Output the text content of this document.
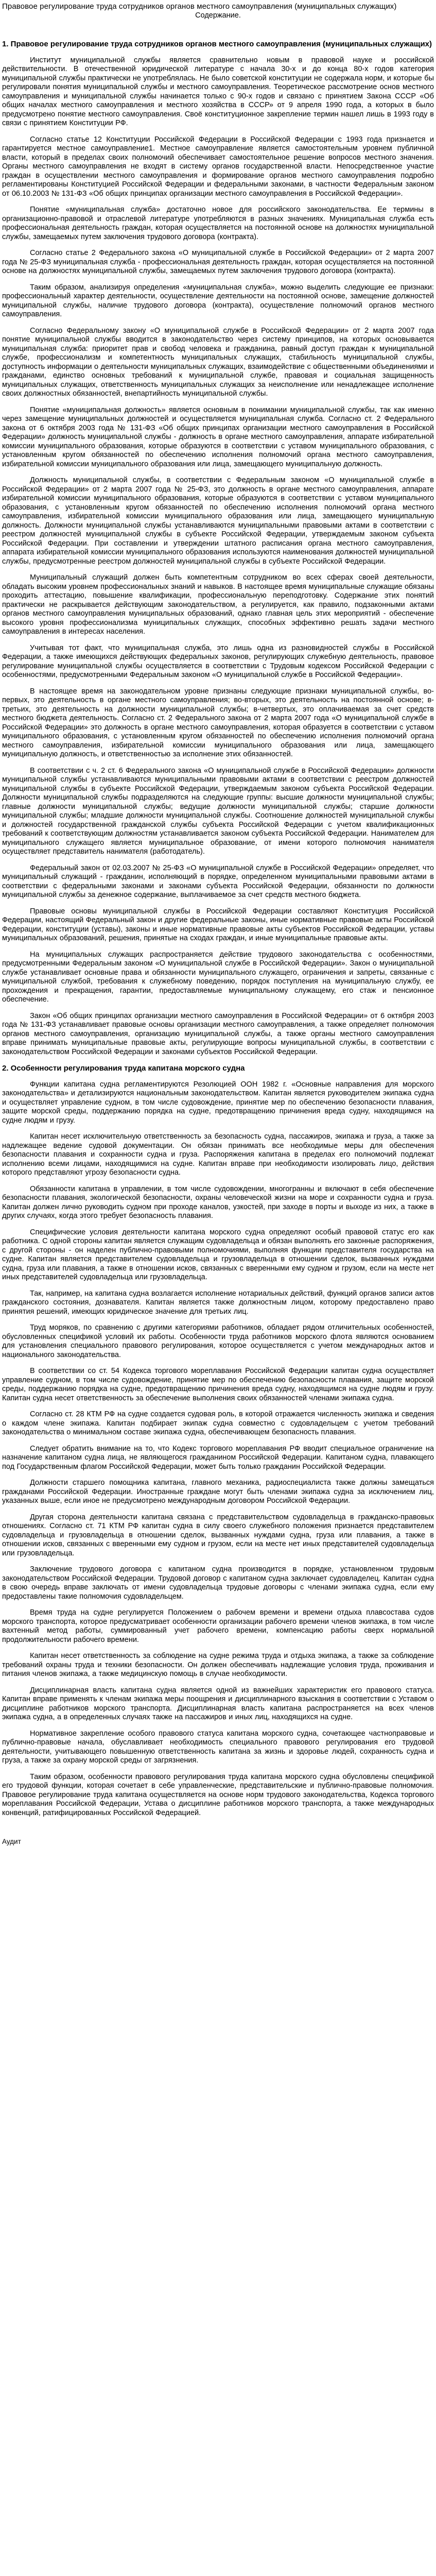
Правовое регулирование труда сотрудников органов местного самоуправления (муниципальных служащих)
Содержание.
1. Правовое регулирование труда сотрудников органов местного самоуправления (муниципальных служащих)

Институт муниципальной службы является сравнительно новым в правовой науке и российской действительности. В отечественной юридической литературе с начала 30-х и до конца 80-х годов категория муниципальной службы практически не употреблялась. Не было советской конституции не содержала норм, и которые бы регулировали понятия муниципальной службы и местного самоуправления. Теоретическое рассмотрение основ местного самоуправления и муниципальной службы начинается только с 90-х годов и связано с принятием Закона СССР «Об общих началах местного самоуправления и местного хозяйства в СССР» от 9 апреля 1990 года, а которых в было предусмотрено понятие местного самоуправления. Своё конституционное закрепление термин нашел лишь в 1993 году в связи с принятием Конституции РФ.

Согласно статье 12 Конституции Российской Федерации в Российской Федерации с 1993 года признается и гарантируется местное самоуправление1. Местное самоуправление является самостоятельным уровнем публичной власти, который в пределах своих полномочий обеспечивает самостоятельное решение вопросов местного значения. Органы местного самоуправления не входят в систему органов государственной власти. Непосредственное участие граждан в осуществлении местного самоуправления и формирование органов местного самоуправления подробно регламентированы Конституцией Российской Федерации и федеральными законами, в частности Федеральным законом от 06.10.2003 № 131-ФЗ «Об общих принципах организации местного самоуправления в Российской Федерации».

Понятие «муниципальная служба» достаточно новое для российского законодательства. Ее термины в организационно-правовой и отраслевой литературе употребляются в разных значениях. Муниципальная служба есть профессиональная деятельность граждан, которая осуществляется на постоянной основе на должностях муниципальной службы, замещаемых путем заключения трудового договора (контракта).

Согласно статье 2 Федерального закона «О муниципальной службе в Российской Федерации» от 2 марта 2007 года № 25-ФЗ муниципальная служба - профессиональная деятельность граждан, которая осуществляется на постоянной основе на должностях муниципальной службы, замещаемых путем заключения трудового договора (контракта).

Таким образом, анализируя определения «муниципальная служба», можно выделить следующие ее признаки: профессиональный характер деятельности, осуществление деятельности на постоянной основе, замещение должностей муниципальной службы, наличие трудового договора (контракта), осуществление полномочий органов местного самоуправления.

Согласно Федеральному закону «О муниципальной службе в Российской Федерации» от 2 марта 2007 года понятие муниципальной службы вводится в законодательство через систему принципов, на которых основывается муниципальная служба: приоритет прав и свобод человека и гражданина, равный доступ граждан к муниципальной службе, профессионализм и компетентность муниципальных служащих, стабильность муниципальной службы, доступность информации о деятельности муниципальных служащих, взаимодействие с общественными объединениями и гражданами, единство основных требований к муниципальной службе, правовая и социальная защищенность муниципальных служащих, ответственность муниципальных служащих за неисполнение или ненадлежащее исполнение своих должностных обязанностей, внепартийность муниципальной службы.

Понятие «муниципальная должность» является основным в понимании муниципальной службы, так как именно через замещение муниципальных должностей и осуществляется муниципальная служба. Согласно ст. 2 Федерального закона от 6 октября 2003 года № 131-ФЗ «Об общих принципах организации местного самоуправления в Российской Федерации» должность муниципальной службы - должность в органе местного самоуправления, аппарате избирательной комиссии муниципального образования, которые образуются в соответствии с уставом муниципального образования, с установленным кругом обязанностей по обеспечению исполнения полномочий органа местного самоуправления, избирательной комиссии муниципального образования или лица, замещающего муниципальную должность.

Должность муниципальной службы, в соответствии с Федеральным законом «О муниципальной службе в Российской Федерации» от 2 марта 2007 года № 25-ФЗ, это должность в органе местного самоуправления, аппарате избирательной комиссии муниципального образования, которые образуются в соответствии с уставом муниципального образования, с установленным кругом обязанностей по обеспечению исполнения полномочий органа местного самоуправления, избирательной комиссии муниципального образования или лица, замещающего муниципальную должность. Должности муниципальной службы устанавливаются муниципальными правовыми актами в соответствии с реестром должностей муниципальной службы в субъекте Российской Федерации, утверждаемым законом субъекта Российской Федерации. При составлении и утверждении штатного расписания органа местного самоуправления, аппарата избирательной комиссии муниципального образования используются наименования должностей муниципальной службы, предусмотренные реестром должностей муниципальной службы в субъекте Российской Федерации.

Муниципальный служащий должен быть компетентным сотрудником во всех сферах своей деятельности, обладать высоким уровнем профессиональных знаний и навыков. В настоящее время муниципальные служащие обязаны проходить аттестацию, повышение квалификации, профессиональную переподготовку. Содержание этих понятий практически не раскрывается действующим законодательством, а регулируется, как правило, подзаконными актами органов местного самоуправления муниципальных образований, однако главная цель этих мероприятий - обеспечение высокого уровня профессионализма муниципальных служащих, способных эффективно решать задачи местного самоуправления в интересах населения.

Учитывая тот факт, что муниципальная служба, это лишь одна из разновидностей службы в Российской Федерации, а также имеющихся действующих федеральных законов, регулирующих служебную деятельность, правовое регулирование муниципальной службы осуществляется в соответствии с Трудовым кодексом Российской Федерации с особенностями, предусмотренными Федеральным законом «О муниципальной службе в Российской Федерации».

В настоящее время на законодательном уровне признаны следующие признаки муниципальной службы, во-первых, это деятельность в органе местного самоуправления; во-вторых, это деятельность на постоянной основе; в-третьих, это деятельность на должности муниципальной службы; в-четвертых, это оплачиваемая за счет средств местного бюджета деятельность. Согласно ст. 2 Федерального закона от 2 марта 2007 года «О муниципальной службе в Российской Федерации» это должность в органе местного самоуправления, которая образуется в соответствии с уставом муниципального образования, с установленным кругом обязанностей по обеспечению исполнения полномочий органа местного самоуправления, избирательной комиссии муниципального образования или лица, замещающего муниципальную должность, и ответственностью за исполнение этих обязанностей.

В соответствии с ч. 2 ст. 6 Федерального закона «О муниципальной службе в Российской Федерации» должности муниципальной службы устанавливаются муниципальными правовыми актами в соответствии с реестром должностей муниципальной службы в субъекте Российской Федерации, утверждаемым законом субъекта Российской Федерации. Должности муниципальной службы подразделяются на следующие группы: высшие должности муниципальной службы; главные должности муниципальной службы; ведущие должности муниципальной службы; старшие должности муниципальной службы; младшие должности муниципальной службы. Соотношение должностей муниципальной службы и должностей государственной гражданской службы субъекта Российской Федерации с учетом квалификационных требований к соответствующим должностям устанавливается законом субъекта Российской Федерации. Нанимателем для муниципального служащего является муниципальное образование, от имени которого полномочия нанимателя осуществляет представитель нанимателя (работодатель).

Федеральный закон от 02.03.2007 № 25-ФЗ «О муниципальной службе в Российской Федерации» определяет, что муниципальный служащий - гражданин, исполняющий в порядке, определенном муниципальными правовыми актами в соответствии с федеральными законами и законами субъекта Российской Федерации, обязанности по должности муниципальной службы за денежное содержание, выплачиваемое за счет средств местного бюджета.

Правовые основы муниципальной службы в Российской Федерации составляют Конституция Российской Федерации, настоящий Федеральный закон и другие федеральные законы, иные нормативные правовые акты Российской Федерации, конституции (уставы), законы и иные нормативные правовые акты субъектов Российской Федерации, уставы муниципальных образований, решения, принятые на сходах граждан, и иные муниципальные правовые акты.

На муниципальных служащих распространяется действие трудового законодательства с особенностями, предусмотренными Федеральным законом «О муниципальной службе в Российской Федерации». Закон о муниципальной службе устанавливает основные права и обязанности муниципального служащего, ограничения и запреты, связанные с муниципальной службой, требования к служебному поведению, порядок поступления на муниципальную службу, ее прохождения и прекращения, гарантии, предоставляемые муниципальному служащему, его стаж и пенсионное обеспечение.

Закон «Об общих принципах организации местного самоуправления в Российской Федерации» от 6 октября 2003 года № 131-ФЗ устанавливает правовые основы организации местного самоуправления, а также определяет полномочия органов местного самоуправления, организацию муниципальной службы, а также органы местного самоуправления вправе принимать муниципальные правовые акты, регулирующие вопросы муниципальной службы, в соответствии с законодательством Российской Федерации и законами субъектов Российской Федерации.

2. Особенности регулирования труда капитана морского судна

Функции капитана судна регламентируются Резолюцией ООН 1982 г. «Основные направления для морского законодательства» и детализируются национальным законодательством. Капитан является руководителем экипажа судна и осуществляет управление судном, в том числе судовождение, принятие мер по обеспечению безопасности плавания, защите морской среды, поддержанию порядка на судне, предотвращению причинения вреда судну, находящимся на судне людям и грузу.

Капитан несет исключительную ответственность за безопасность судна, пассажиров, экипажа и груза, а также за надлежащее ведение судовой документации. Он обязан принимать все необходимые меры для обеспечения безопасности плавания и сохранности судна и груза. Распоряжения капитана в пределах его полномочий подлежат исполнению всеми лицами, находящимися на судне. Капитан вправе при необходимости изолировать лицо, действия которого представляют угрозу безопасности судна.

Обязанности капитана в управлении, в том числе судовождении, многогранны и включают в себя обеспечение безопасности плавания, экологической безопасности, охраны человеческой жизни на море и сохранности судна и груза. Капитан должен лично руководить судном при проходе каналов, узкостей, при заходе в порты и выходе из них, а также в других случаях, когда этого требует безопасность плавания.

Специфические условия деятельности капитана морского судна определяют особый правовой статус его как работника. С одной стороны капитан является служащим судовладельца и обязан выполнять его законные распоряжения, с другой стороны - он наделен публично-правовыми полномочиями, выполняя функции представителя государства на судне. Капитан является представителем судовладельца и грузовладельца в отношении сделок, вызванных нуждами судна, груза или плавания, а также в отношении исков, связанных с вверенными ему судном и грузом, если на месте нет иных представителей судовладельца или грузовладельца.

Так, например, на капитана судна возлагается исполнение нотариальных действий, функций органов записи актов гражданского состояния, дознавателя. Капитан является также должностным лицом, которому предоставлено право принятия решений, имеющих юридическое значение для третьих лиц.

Труд моряков, по сравнению с другими категориями работников, обладает рядом отличительных особенностей, обусловленных спецификой условий их работы. Особенности труда работников морского флота являются основанием для установления специального правового регулирования, которое осуществляется с учетом международных актов и национального законодательства.

В соответствии со ст. 54 Кодекса торгового мореплавания Российской Федерации капитан судна осуществляет управление судном, в том числе судовождение, принятие мер по обеспечению безопасности плавания, защите морской среды, поддержанию порядка на судне, предотвращению причинения вреда судну, находящимся на судне людям и грузу. Капитан судна несет ответственность за обеспечение выполнения своих обязанностей членами экипажа судна.

Согласно ст. 28 КТМ РФ на судне создается судовая роль, в которой отражается численность экипажа и сведения о каждом члене экипажа. Капитан подбирает экипаж судна совместно с судовладельцем с учетом требований законодательства о минимальном составе экипажа судна, обеспечивающем безопасность плавания.

Следует обратить внимание на то, что Кодекс торгового мореплавания РФ вводит специальное ограничение на назначение капитаном судна лица, не являющегося гражданином Российской Федерации. Капитаном судна, плавающего под Государственным флагом Российской Федерации, может быть только гражданин Российской Федерации.

Должности старшего помощника капитана, главного механика, радиоспециалиста также должны замещаться гражданами Российской Федерации. Иностранные граждане могут быть членами экипажа судна за исключением лиц, указанных выше, если иное не предусмотрено международным договором Российской Федерации.

Другая сторона деятельности капитана связана с представительством судовладельца в гражданско-правовых отношениях. Согласно ст. 71 КТМ РФ капитан судна в силу своего служебного положения признается представителем судовладельца и грузовладельца в отношении сделок, вызванных нуждами судна, груза или плавания, а также в отношении исков, связанных с вверенными ему судном и грузом, если на месте нет иных представителей судовладельца или грузовладельца.

Заключение трудового договора с капитаном судна производится в порядке, установленном трудовым законодательством Российской Федерации. Трудовой договор с капитаном судна заключает судовладелец. Капитан судна в свою очередь вправе заключать от имени судовладельца трудовые договоры с членами экипажа судна, если ему предоставлены такие полномочия судовладельцем.

Время труда на судне регулируется Положением о рабочем времени и времени отдыха плавсостава судов морского транспорта, которое предусматривает особенности организации рабочего времени членов экипажа, в том числе вахтенный метод работы, суммированный учет рабочего времени, компенсацию работы сверх нормальной продолжительности рабочего времени.

Капитан несет ответственность за соблюдение на судне режима труда и отдыха экипажа, а также за соблюдение требований охраны труда и техники безопасности. Он должен обеспечивать надлежащие условия труда, проживания и питания членов экипажа, а также медицинскую помощь в случае необходимости.

Дисциплинарная власть капитана судна является одной из важнейших характеристик его правового статуса. Капитан вправе применять к членам экипажа меры поощрения и дисциплинарного взыскания в соответствии с Уставом о дисциплине работников морского транспорта. Дисциплинарная власть капитана распространяется на всех членов экипажа судна, а в определенных случаях также на пассажиров и иных лиц, находящихся на судне.

Нормативное закрепление особого правового статуса капитана морского судна, сочетающее частноправовые и публично-правовые начала, обуславливает необходимость специального правового регулирования его трудовой деятельности, учитывающего повышенную ответственность капитана за жизнь и здоровье людей, сохранность судна и груза, а также за охрану морской среды от загрязнения.

Таким образом, особенности правового регулирования труда капитана морского судна обусловлены спецификой его трудовой функции, которая сочетает в себе управленческие, представительские и публично-правовые полномочия. Правовое регулирование труда капитана осуществляется на основе норм трудового законодательства, Кодекса торгового мореплавания Российской Федерации, Устава о дисциплине работников морского транспорта, а также международных конвенций, ратифицированных Российской Федерацией.

Аудит
